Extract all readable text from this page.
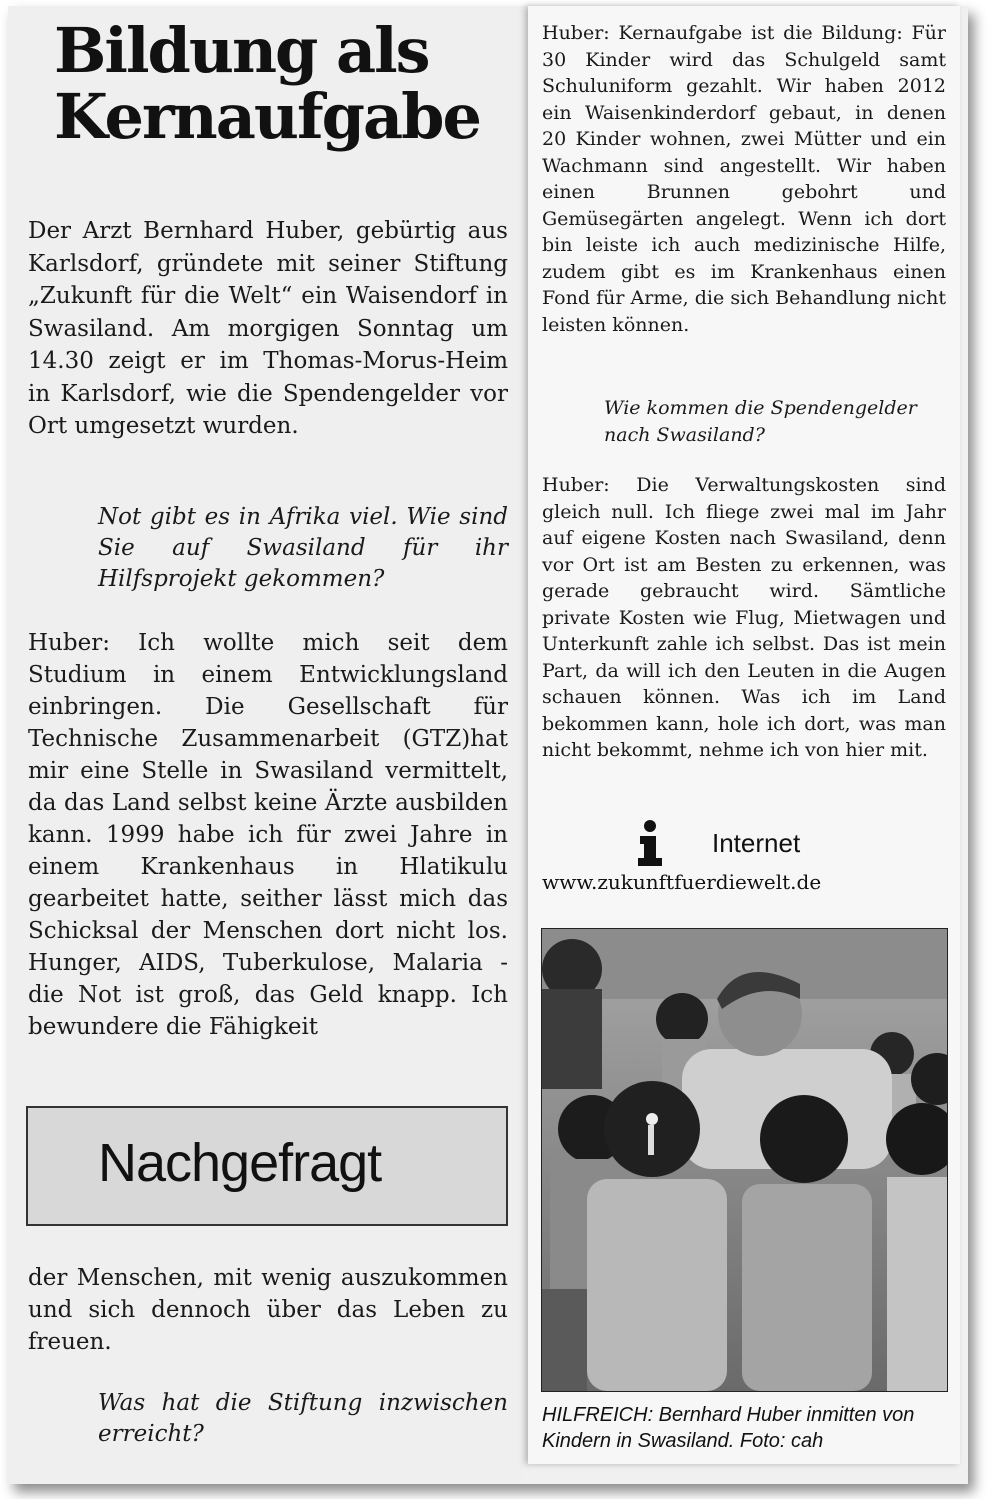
Bildung als Kernaufgabe

Der Arzt Bernhard Huber, gebürtig aus Karlsdorf, gründete mit seiner Stiftung „Zukunft für die Welt“ ein Waisendorf in Swasiland. Am morgigen Sonntag um 14.30 zeigt er im Thomas-Morus-Heim in Karlsdorf, wie die Spendengelder vor Ort umgesetzt wurden.

Not gibt es in Afrika viel. Wie sind Sie auf Swasiland für ihr Hilfsprojekt gekommen?

Huber: Ich wollte mich seit dem Studium in einem Entwicklungsland einbringen. Die Gesellschaft für Technische Zusammenarbeit (GTZ)hat mir eine Stelle in Swasiland vermittelt, da das Land selbst keine Ärzte ausbilden kann. 1999 habe ich für zwei Jahre in einem Krankenhaus in Hlatikulu gearbeitet hatte, seither lässt mich das Schicksal der Menschen dort nicht los. Hunger, AIDS, Tuberkulose, Malaria - die Not ist groß, das Geld knapp. Ich bewundere die Fähigkeit

Nachgefragt

der Menschen, mit wenig auszukommen und sich dennoch über das Leben zu freuen.

Was hat die Stiftung inzwischen erreicht?

Huber: Kernaufgabe ist die Bildung: Für 30 Kinder wird das Schulgeld samt Schuluniform gezahlt. Wir haben 2012 ein Waisenkinderdorf gebaut, in denen 20 Kinder wohnen, zwei Mütter und ein Wachmann sind angestellt. Wir haben einen Brunnen gebohrt und Gemüsegärten angelegt. Wenn ich dort bin leiste ich auch medizinische Hilfe, zudem gibt es im Krankenhaus einen Fond für Arme, die sich Behandlung nicht leisten können.

Wie kommen die Spendengelder nach Swasiland?

Huber: Die Verwaltungskosten sind gleich null. Ich fliege zwei mal im Jahr auf eigene Kosten nach Swasiland, denn vor Ort ist am Besten zu erkennen, was gerade gebraucht wird. Sämtliche private Kosten wie Flug, Mietwagen und Unterkunft zahle ich selbst. Das ist mein Part, da will ich den Leuten in die Augen schauen können. Was ich im Land bekommen kann, hole ich dort, was man nicht bekommt, nehme ich von hier mit.

Internet
www.zukunftfuerdiewelt.de

HILFREICH: Bernhard Huber inmitten von Kindern in Swasiland. Foto: cah
